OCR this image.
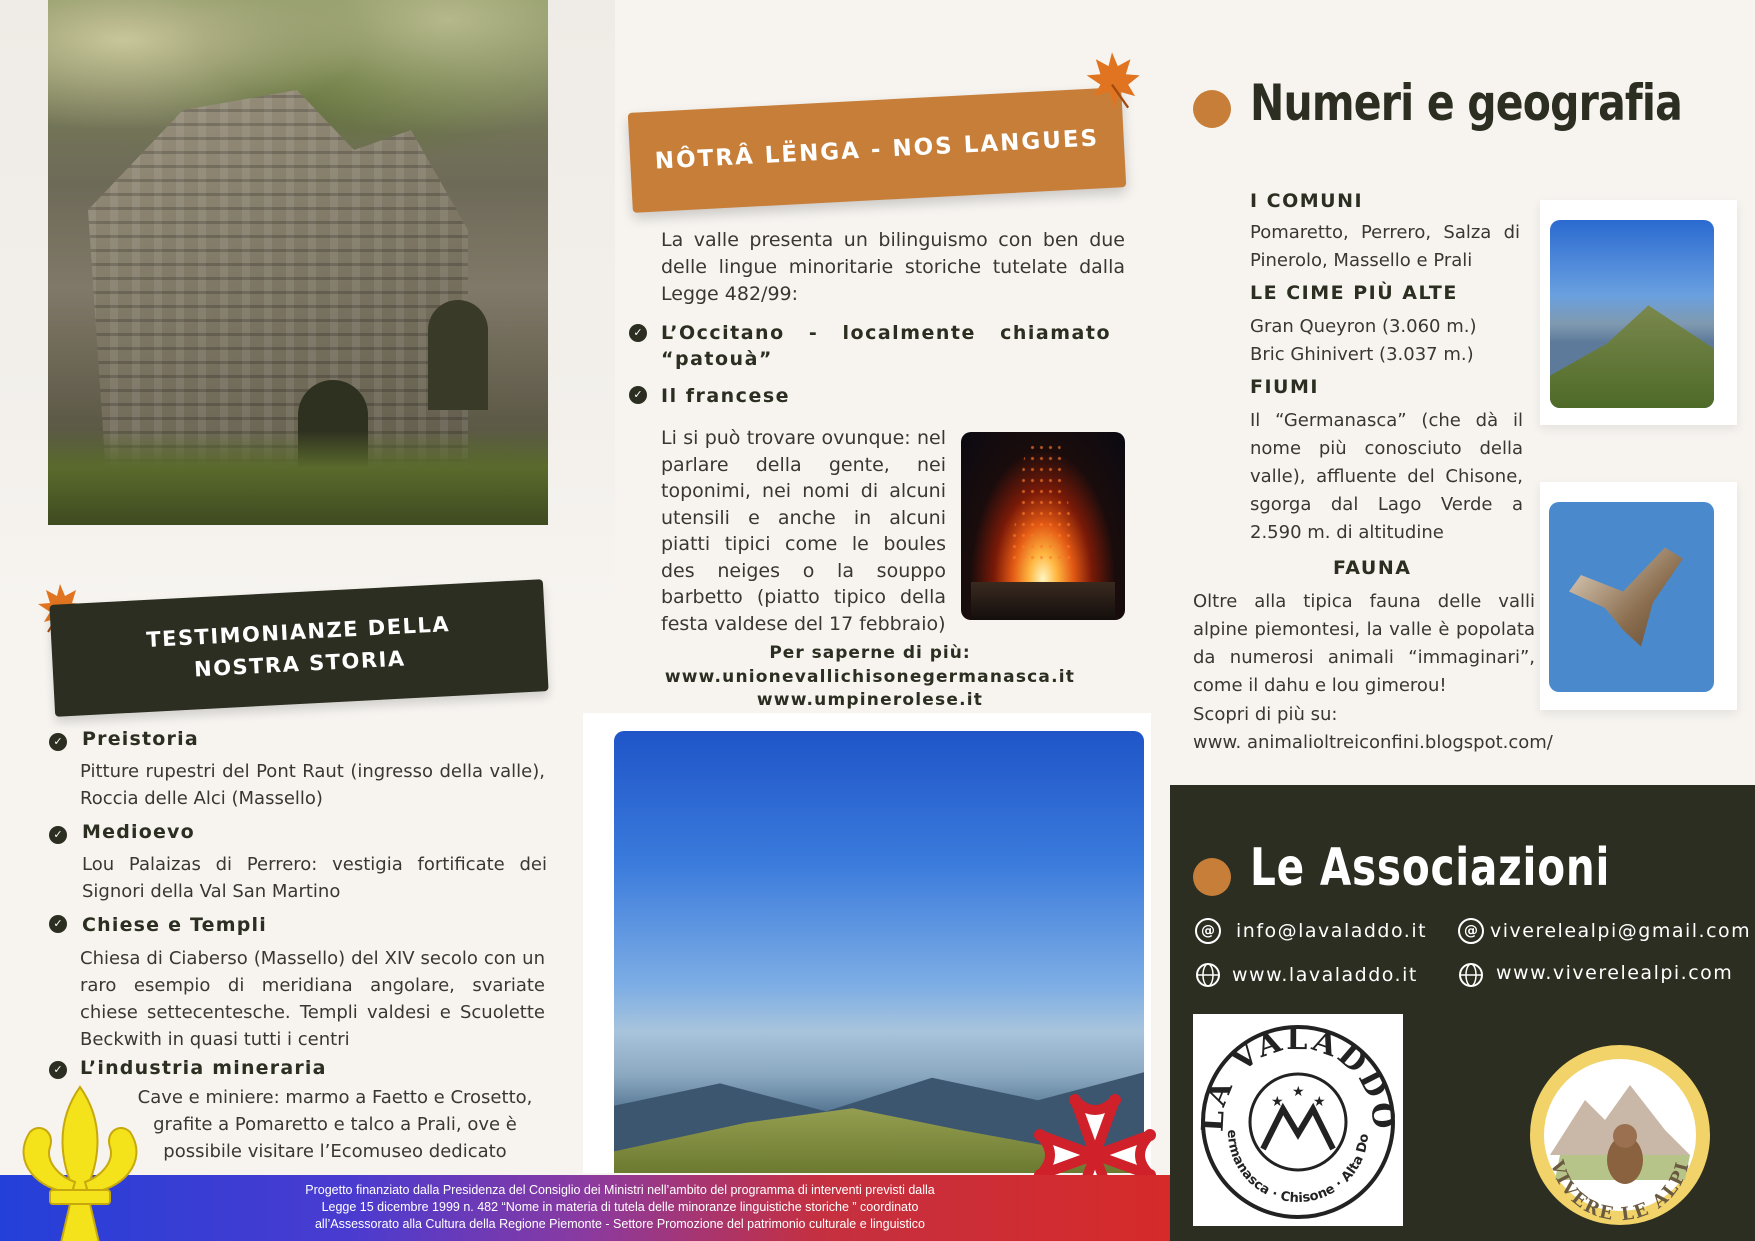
TESTIMONIANZE DELLA NOSTRA STORIA
✓ Preistoria
Pitture rupestri del Pont Raut (ingresso della valle), Roccia delle Alci (Massello)
✓ Medioevo
Lou Palaizas di Perrero: vestigia fortificate dei Signori della Val San Martino
✓ Chiese e Templi
Chiesa di Ciaberso (Massello) del XIV secolo con un raro esempio di meridiana angolare, svariate chiese settecentesche. Templi valdesi e Scuolette Beckwith in quasi tutti i centri
✓ L’industria mineraria
Cave e miniere: marmo a Faetto e Crosetto, grafite a Pomaretto e talco a Prali, ove è possibile visitare l’Ecomuseo dedicato
NÔTRÂ LËNGA - NOS LANGUES
La valle presenta un bilinguismo con ben due delle lingue minoritarie storiche tutelate dalla Legge 482/99:
✓ L’Occitano - localmente chiamato “patouà”
✓ Il francese
Li si può trovare ovunque: nel parlare della gente, nei toponimi, nei nomi di alcuni utensili e anche in alcuni piatti tipici come le boules des neiges o la souppo barbetto (piatto tipico della festa valdese del 17 febbraio)
Per saperne di più:
www.unionevallichisonegermanasca.it
www.umpinerolese.it
Numeri e geografia
I COMUNI
Pomaretto, Perrero, Salza di Pinerolo, Massello e Prali
LE CIME PIÙ ALTE
Gran Queyron (3.060 m.)
Bric Ghinivert (3.037 m.)
FIUMI
Il “Germanasca” (che dà il nome più conosciuto della valle), affluente del Chisone, sgorga dal Lago Verde a 2.590 m. di altitudine
FAUNA
Oltre alla tipica fauna delle valli alpine piemontesi, la valle è popolata da numerosi animali “immaginari”, come il dahu e lou gimerou!
Scopri di più su:
www. animalioltreiconfini.blogspot.com/
Le Associazioni
@	info@lavaladdo.it	@ viverelealpi@gmail.com
www.lavaladdo.it	www.viverelealpi.com
LA VALADDO
ermanasca · Chisone · Alta Do
★
★
★
VIVERE LE ALPI
Progetto finanziato dalla Presidenza del Consiglio dei Ministri nell’ambito del programma di interventi previsti dalla
Legge 15 dicembre 1999 n. 482 “Nome in materia di tutela delle minoranze linguistiche storiche ” coordinato
all’Assessorato alla Cultura della Regione Piemonte - Settore Promozione del patrimonio culturale e linguistico
